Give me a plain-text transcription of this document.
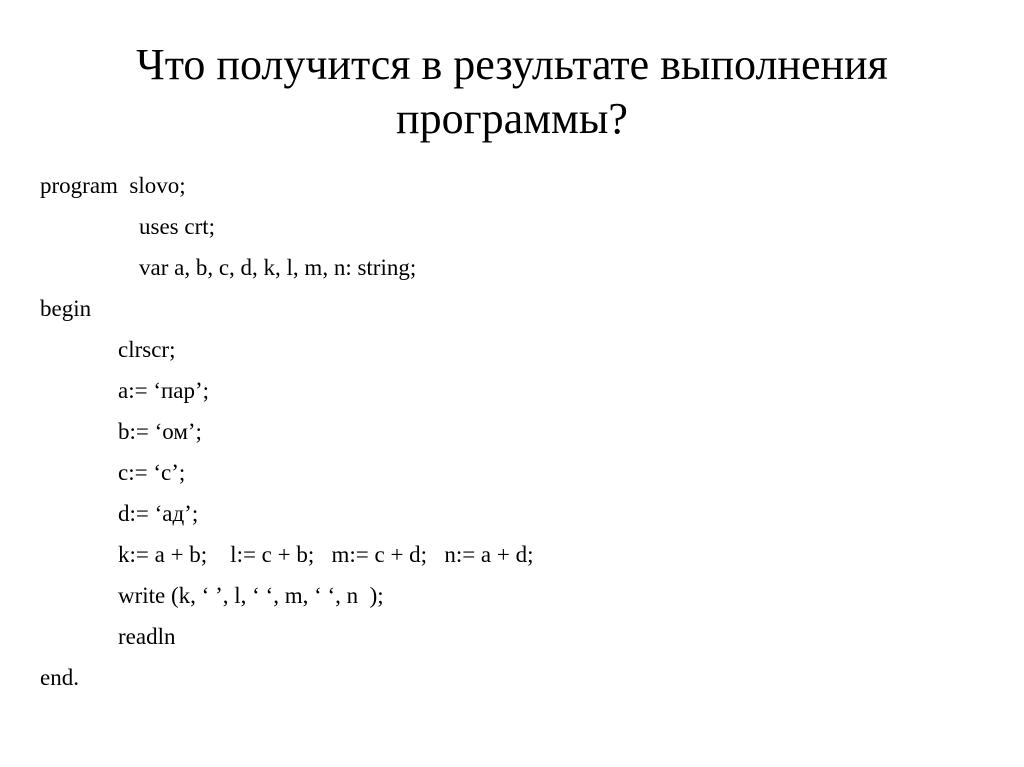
Что получится в результате выполнения
программы?
program  slovo;
uses crt;
var a, b, c, d, k, l, m, n: string;
begin
clrscr;
a:= ‘пар’;
b:= ‘ом’;
c:= ‘с’;
d:= ‘ад’;
k:= a + b;    l:= c + b;   m:= c + d;   n:= a + d;
write (k, ‘ ’, l, ‘ ‘, m, ‘ ‘, n  );
readln
end.
